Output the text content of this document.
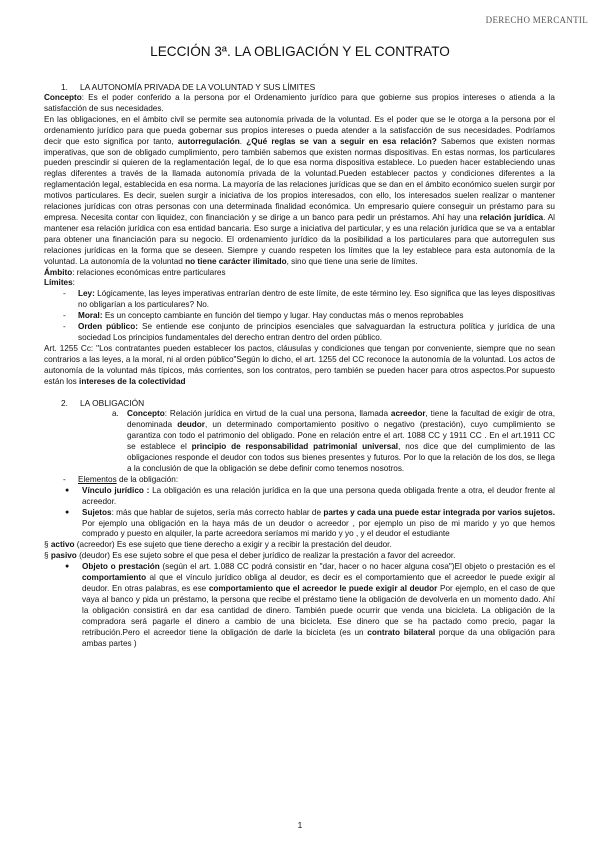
DERECHO MERCANTIL
LECCIÓN 3ª. LA OBLIGACIÓN Y EL CONTRATO

1. LA AUTONOMÍA PRIVADA DE LA VOLUNTAD Y SUS LÍMITES

Concepto: Es el poder conferido a la persona por el Ordenamiento jurídico para que gobierne sus propios intereses o atienda a la satisfacción de sus necesidades.

En las obligaciones, en el ámbito civil se permite sea autonomía privada de la voluntad. Es el poder que se le otorga a la persona por el ordenamiento jurídico para que pueda gobernar sus propios intereses o pueda atender a la satisfacción de sus necesidades. Podríamos decir que esto significa por tanto, autorregulación. ¿Qué reglas se van a seguir en esa relación? Sabemos que existen normas imperativas, que son de obligado cumplimiento, pero también sabemos que existen normas dispositivas. En estas normas, los particulares pueden prescindir si quieren de la reglamentación legal, de lo que esa norma dispositiva establece. Lo pueden hacer estableciendo unas reglas diferentes a través de la llamada autonomía privada de la voluntad.Pueden establecer pactos y condiciones diferentes a la reglamentación legal, establecida en esa norma. La mayoría de las relaciones jurídicas que se dan en el ámbito económico suelen surgir por motivos particulares. Es decir, suelen surgir a iniciativa de los propios interesados, con ello, los interesados suelen realizar o mantener relaciones jurídicas con otras personas con una determinada finalidad económica. Un empresario quiere conseguir un préstamo para su empresa. Necesita contar con liquidez, con financiación y se dirige a un banco para pedir un préstamos. Ahí hay una relación jurídica. Al mantener esa relación jurídica con esa entidad bancaria. Eso surge a iniciativa del particular, y es una relación jurídica que se va a entablar para obtener una financiación para su negocio. El ordenamiento jurídico da la posibilidad a los particulares para que autorreguIen sus relaciones jurídicas en la forma que se deseen. Siempre y cuando respeten los límites que la ley establece para esta autonomía de la voluntad. La autonomía de la voluntad no tiene carácter ilimitado, sino que tiene una serie de límites.

Ámbito: relaciones económicas entre particulares

Límites:

- Ley: Lógicamente, las leyes imperativas entrarían dentro de este límite, de este término ley. Eso significa que las leyes dispositivas no obligarían a los particulares? No.
- Moral: Es un concepto cambiante en función del tiempo y lugar. Hay conductas más o menos reprobables
- Orden público: Se entiende ese conjunto de principios esenciales que salvaguardan la estructura política y jurídica de una sociedad Los principios fundamentales del derecho entran dentro del orden público.

Art. 1255 Cc: "Los contratantes pueden establecer los pactos, cláusulas y condiciones que tengan por conveniente, siempre que no sean contrarios a las leyes, a la moral, ni al orden público"Según lo dicho, el art. 1255 del CC reconoce la autonomía de la voluntad. Los actos de autonomía de la voluntad más típicos, más corrientes, son los contratos, pero también se pueden hacer para otros aspectos.Por supuesto están los intereses de la colectividad

2. LA OBLIGACIÓN

a. Concepto: Relación jurídica en virtud de la cual una persona, llamada acreedor, tiene la facultad de exigir de otra, denominada deudor, un determinado comportamiento positivo o negativo (prestación), cuyo cumplimiento se garantiza con todo el patrimonio del obligado. Pone en relación entre el art. 1088 CC y 1911 CC . En el art.1911 CC se establece el principio de responsabilidad patrimonial universal, nos dice que del cumplimiento de las obligaciones responde el deudor con todos sus bienes presentes y futuros. Por lo que la relación de los dos, se llega a la conclusión de que la obligación se debe definir como tenemos nosotros.

- Elementos de la obligación:

● Vínculo jurídico : La obligación es una relación jurídica en la que una persona queda obligada frente a otra, el deudor frente al acreedor.
● Sujetos: más que hablar de sujetos, sería más correcto hablar de partes y cada una puede estar integrada por varios sujetos. Por ejemplo una obligación en la haya más de un deudor o acreedor , por ejemplo un piso de mi marido y yo que hemos comprado y puesto en alquiler, la parte acreedora seríamos mi marido y yo , y el deudor el estudiante

§ activo (acreedor) Es ese sujeto que tiene derecho a exigir y a recibir la prestación del deudor.

§ pasivo (deudor) Es ese sujeto sobre el que pesa el deber jurídico de realizar la prestación a favor del acreedor.

● Objeto o prestación (según el art. 1.088 CC podrá consistir en "dar, hacer o no hacer alguna cosa")El objeto o prestación es el comportamiento al que el vínculo jurídico obliga al deudor, es decir es el comportamiento que el acreedor le puede exigir al deudor. En otras palabras, es ese comportamiento que el acreedor le puede exigir al deudor Por ejemplo, en el caso de que vaya al banco y pida un préstamo, la persona que recibe el préstamo tiene la obligación de devolverla en un momento dado. Ahí la obligación consistirá en dar esa cantidad de dinero. También puede ocurrir que venda una bicicleta. La obligación de la compradora será pagarle el dinero a cambio de una bicicleta. Ese dinero que se ha pactado como precio, pagar la retribución.Pero el acreedor tiene la obligación de darle la bicicleta (es un contrato bilateral porque da una obligación para ambas partes )
1
